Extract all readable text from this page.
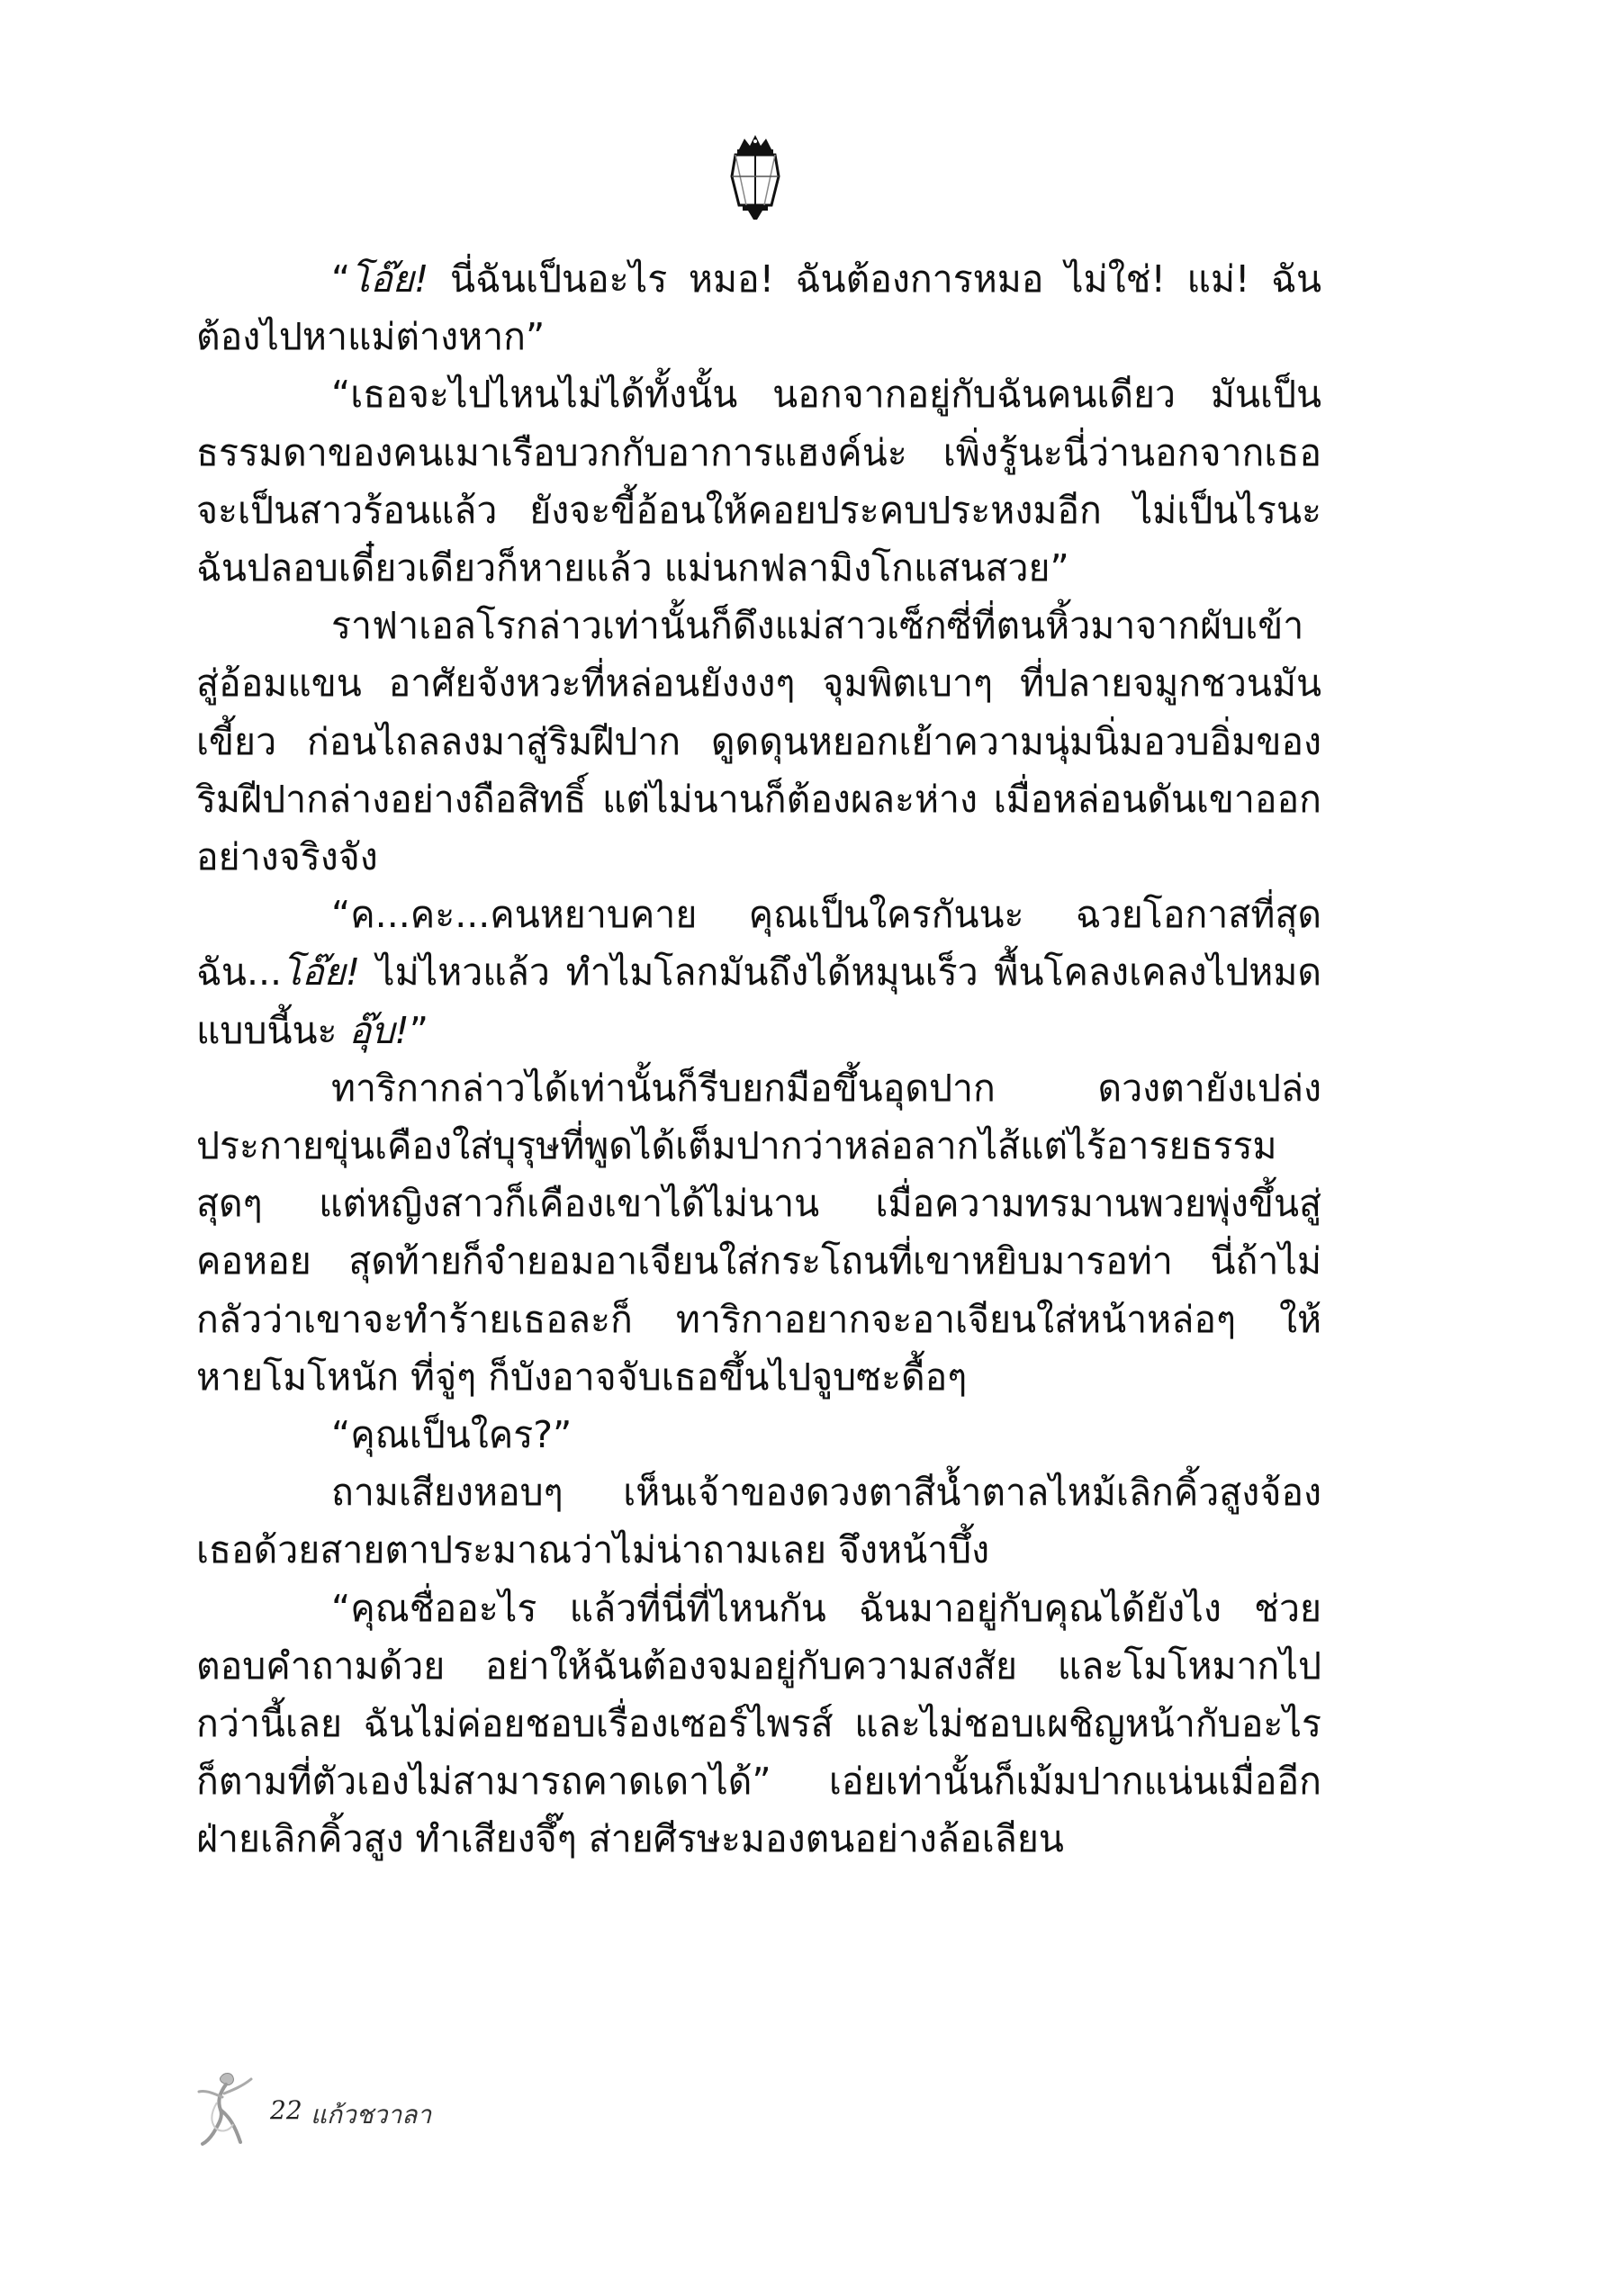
“โอ๊ย! นี่ฉันเป็นอะไร หมอ! ฉันต้องการหมอ ไม่ใช่! แม่! ฉันต้องไปหาแม่ต่างหาก”

“เธอจะไปไหนไม่ได้ทั้งนั้น นอกจากอยู่กับฉันคนเดียว มันเป็นธรรมดาของคนเมาเรือบวกกับอาการแฮงค์น่ะ เพิ่งรู้นะนี่ว่านอกจากเธอจะเป็นสาวร้อนแล้ว ยังจะขี้อ้อนให้คอยประคบประหงมอีก ไม่เป็นไรนะฉันปลอบเดี๋ยวเดียวก็หายแล้ว แม่นกฟลามิงโกแสนสวย”

ราฟาเอลโรกล่าวเท่านั้นก็ดึงแม่สาวเซ็กซี่ที่ตนหิ้วมาจากผับเข้าสู่อ้อมแขน อาศัยจังหวะที่หล่อนยังงงๆ จุมพิตเบาๆ ที่ปลายจมูกชวนมันเขี้ยว ก่อนไถลลงมาสู่ริมฝีปาก ดูดดุนหยอกเย้าความนุ่มนิ่มอวบอิ่มของริมฝีปากล่างอย่างถือสิทธิ์ แต่ไม่นานก็ต้องผละห่าง เมื่อหล่อนดันเขาออกอย่างจริงจัง

“ค...คะ...คนหยาบคาย คุณเป็นใครกันนะ ฉวยโอกาสที่สุดฉัน...โอ๊ย! ไม่ไหวแล้ว ทำไมโลกมันถึงได้หมุนเร็ว พื้นโคลงเคลงไปหมดแบบนี้นะ อุ๊บ!”

ทาริกากล่าวได้เท่านั้นก็รีบยกมือขึ้นอุดปาก ดวงตายังเปล่งประกายขุ่นเคืองใส่บุรุษที่พูดได้เต็มปากว่าหล่อลากไส้แต่ไร้อารยธรรมสุดๆ แต่หญิงสาวก็เคืองเขาได้ไม่นาน เมื่อความทรมานพวยพุ่งขึ้นสู่คอหอย สุดท้ายก็จำยอมอาเจียนใส่กระโถนที่เขาหยิบมารอท่า นี่ถ้าไม่กลัวว่าเขาจะทำร้ายเธอละก็ ทาริกาอยากจะอาเจียนใส่หน้าหล่อๆ ให้หายโมโหนัก ที่จู่ๆ ก็บังอาจจับเธอขึ้นไปจูบซะดื้อๆ

“คุณเป็นใคร?”

ถามเสียงหอบๆ เห็นเจ้าของดวงตาสีน้ำตาลไหม้เลิกคิ้วสูงจ้องเธอด้วยสายตาประมาณว่าไม่น่าถามเลย จึงหน้าบึ้ง

“คุณชื่ออะไร แล้วที่นี่ที่ไหนกัน ฉันมาอยู่กับคุณได้ยังไง ช่วยตอบคำถามด้วย อย่าให้ฉันต้องจมอยู่กับความสงสัย และโมโหมากไปกว่านี้เลย ฉันไม่ค่อยชอบเรื่องเซอร์ไพรส์ และไม่ชอบเผชิญหน้ากับอะไรก็ตามที่ตัวเองไม่สามารถคาดเดาได้” เอ่ยเท่านั้นก็เม้มปากแน่นเมื่ออีกฝ่ายเลิกคิ้วสูง ทำเสียงจึ๊ๆ ส่ายศีรษะมองตนอย่างล้อเลียน

22 แก้วชวาลา
